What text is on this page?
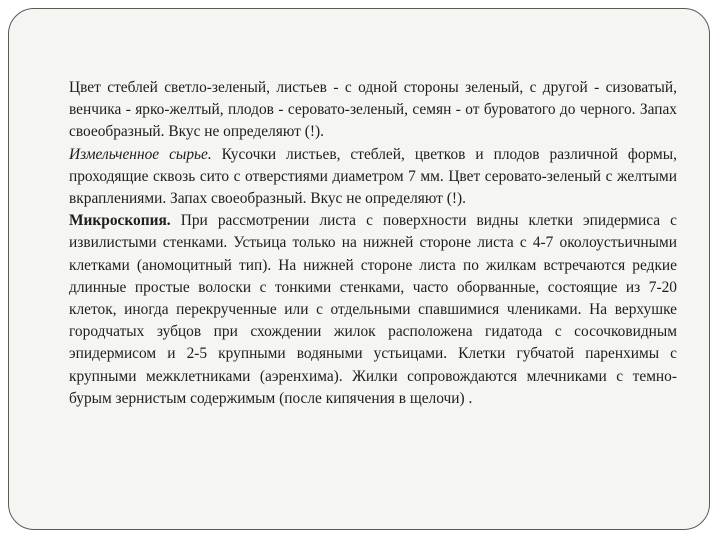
Цвет стеблей светло-зеленый, листьев - с одной стороны зеленый, с другой - сизоватый, венчика - ярко-желтый, плодов - серовато-зеленый, семян - от буроватого до черного. Запах своеобразный. Вкус не определяют (!).

Измельченное сырье. Кусочки листьев, стеблей, цветков и плодов различной формы, проходящие сквозь сито с отверстиями диаметром 7 мм. Цвет серовато-зеленый с желтыми вкраплениями. Запах своеобразный. Вкус не определяют (!).

Микроскопия. При рассмотрении листа с поверхности видны клетки эпидермиса с извилистыми стенками. Устьица только на нижней стороне листа с 4-7 околоустьичными клетками (аномоцитный тип). На нижней стороне листа по жилкам встречаются редкие длинные простые волоски с тонкими стенками, часто оборванные, состоящие из 7-20 клеток, иногда перекрученные или с отдельными спавшимися члениками. На верхушке городчатых зубцов при схождении жилок расположена гидатода с сосочковидным эпидермисом и 2-5 крупными водяными устьицами. Клетки губчатой паренхимы с крупными межклетниками (аэренхима). Жилки сопровождаются млечниками с темно-бурым зернистым содержимым (после кипячения в щелочи) .
